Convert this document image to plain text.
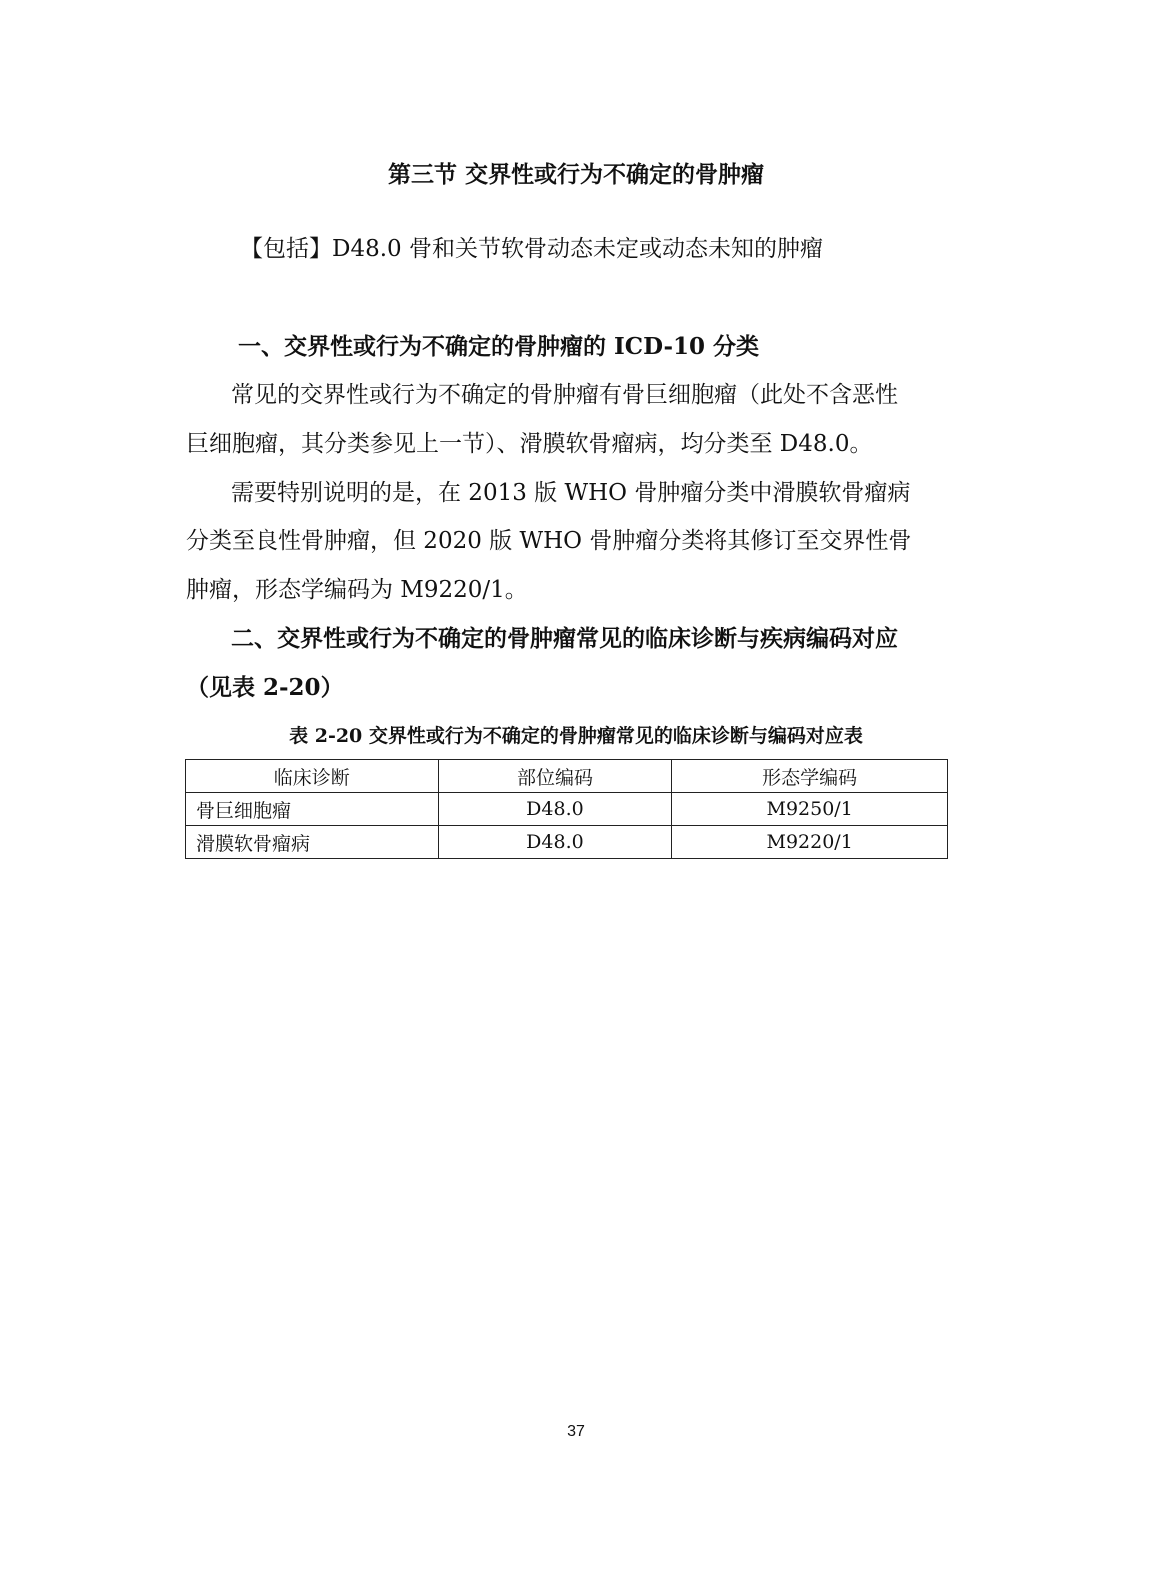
第三节 交界性或行为不确定的骨肿瘤

【包括】D48.0 骨和关节软骨动态未定或动态未知的肿瘤

一、交界性或行为不确定的骨肿瘤的 ICD-10 分类

常见的交界性或行为不确定的骨肿瘤有骨巨细胞瘤（此处不含恶性

巨细胞瘤，其分类参见上一节）、滑膜软骨瘤病，均分类至 D48.0。

需要特别说明的是，在 2013 版 WHO 骨肿瘤分类中滑膜软骨瘤病

分类至良性骨肿瘤，但 2020 版 WHO 骨肿瘤分类将其修订至交界性骨

肿瘤，形态学编码为 M9220/1。

二、交界性或行为不确定的骨肿瘤常见的临床诊断与疾病编码对应
（见表 2-20）

表 2-20 交界性或行为不确定的骨肿瘤常见的临床诊断与编码对应表

临床诊断	部位编码	形态学编码
骨巨细胞瘤	D48.0	M9250/1
滑膜软骨瘤病	D48.0	M9220/1

37
